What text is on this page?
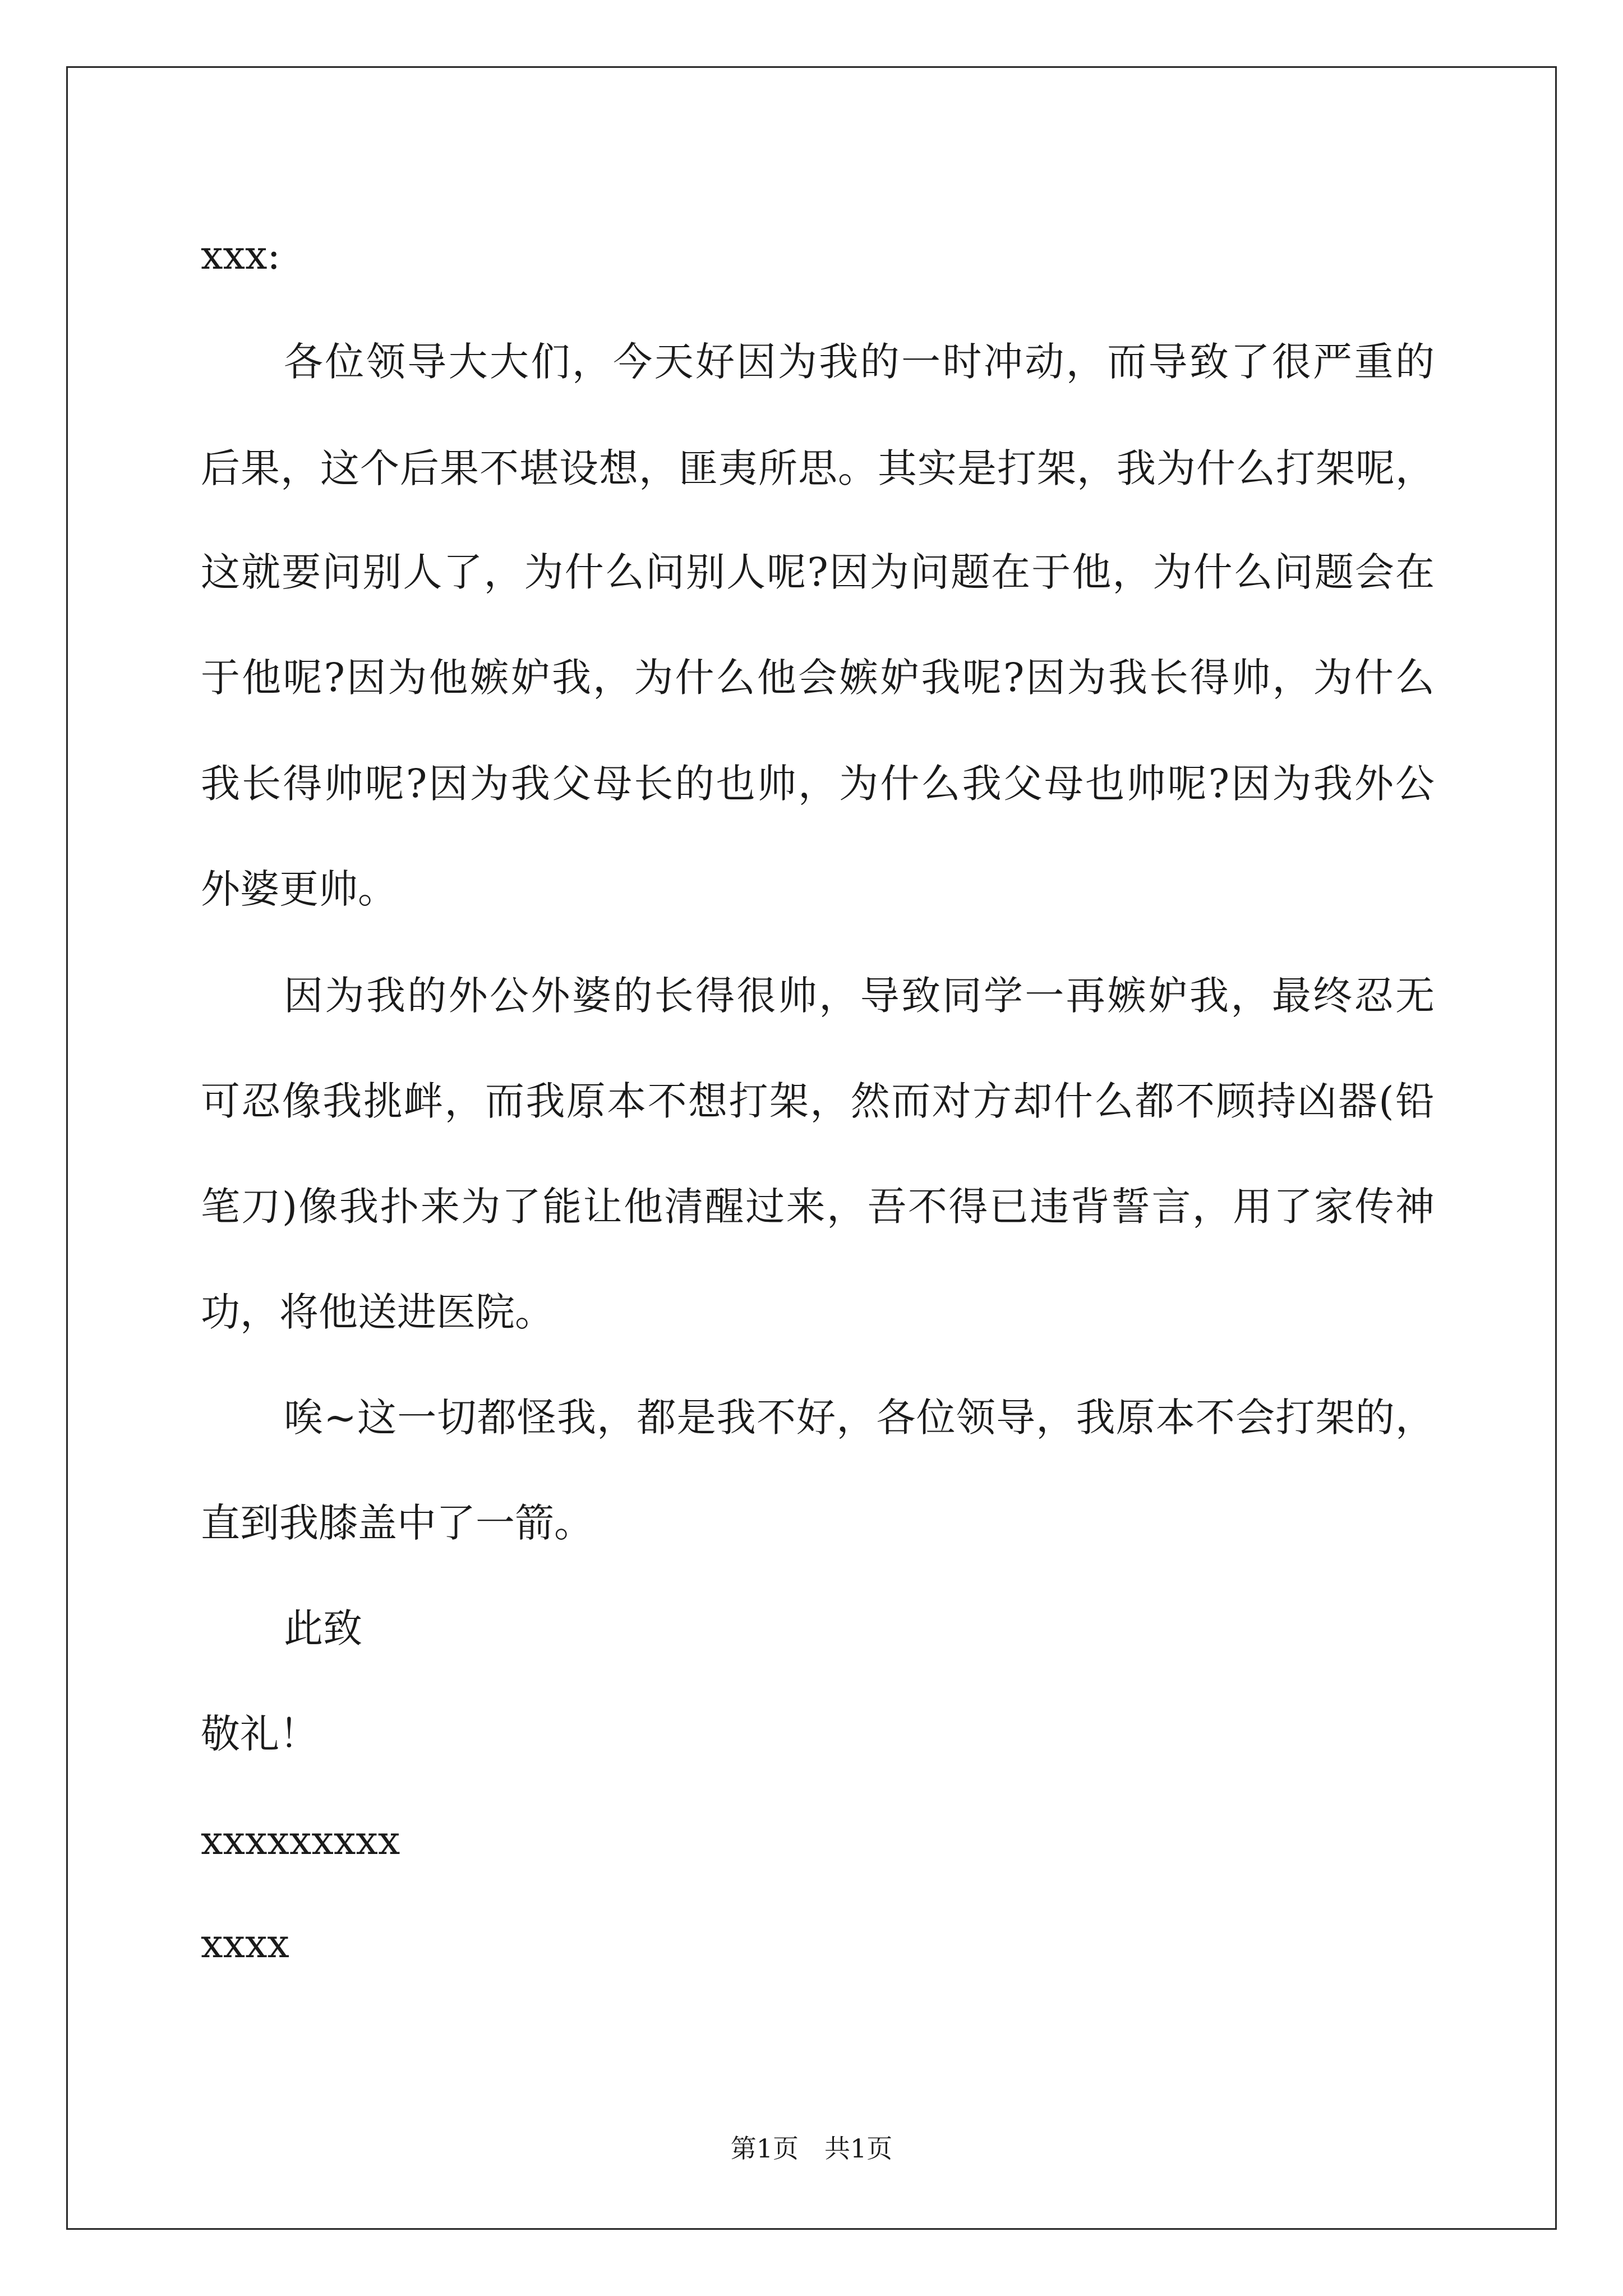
xxx:
各位领导大大们，今天好因为我的一时冲动，而导致了很严重的
后果，这个后果不堪设想，匪夷所思。其实是打架，我为什么打架呢，
这就要问别人了，为什么问别人呢?因为问题在于他，为什么问题会在
于他呢?因为他嫉妒我，为什么他会嫉妒我呢?因为我长得帅，为什么
我长得帅呢?因为我父母长的也帅，为什么我父母也帅呢?因为我外公
外婆更帅。
因为我的外公外婆的长得很帅，导致同学一再嫉妒我，最终忍无
可忍像我挑衅，而我原本不想打架，然而对方却什么都不顾持凶器(铅
笔刀)像我扑来为了能让他清醒过来，吾不得已违背誓言，用了家传神
功，将他送进医院。
唉~这一切都怪我，都是我不好，各位领导，我原本不会打架的，
直到我膝盖中了一箭。
此致
敬礼！
xxxxxxxxx
xxxx
第1页　共1页
